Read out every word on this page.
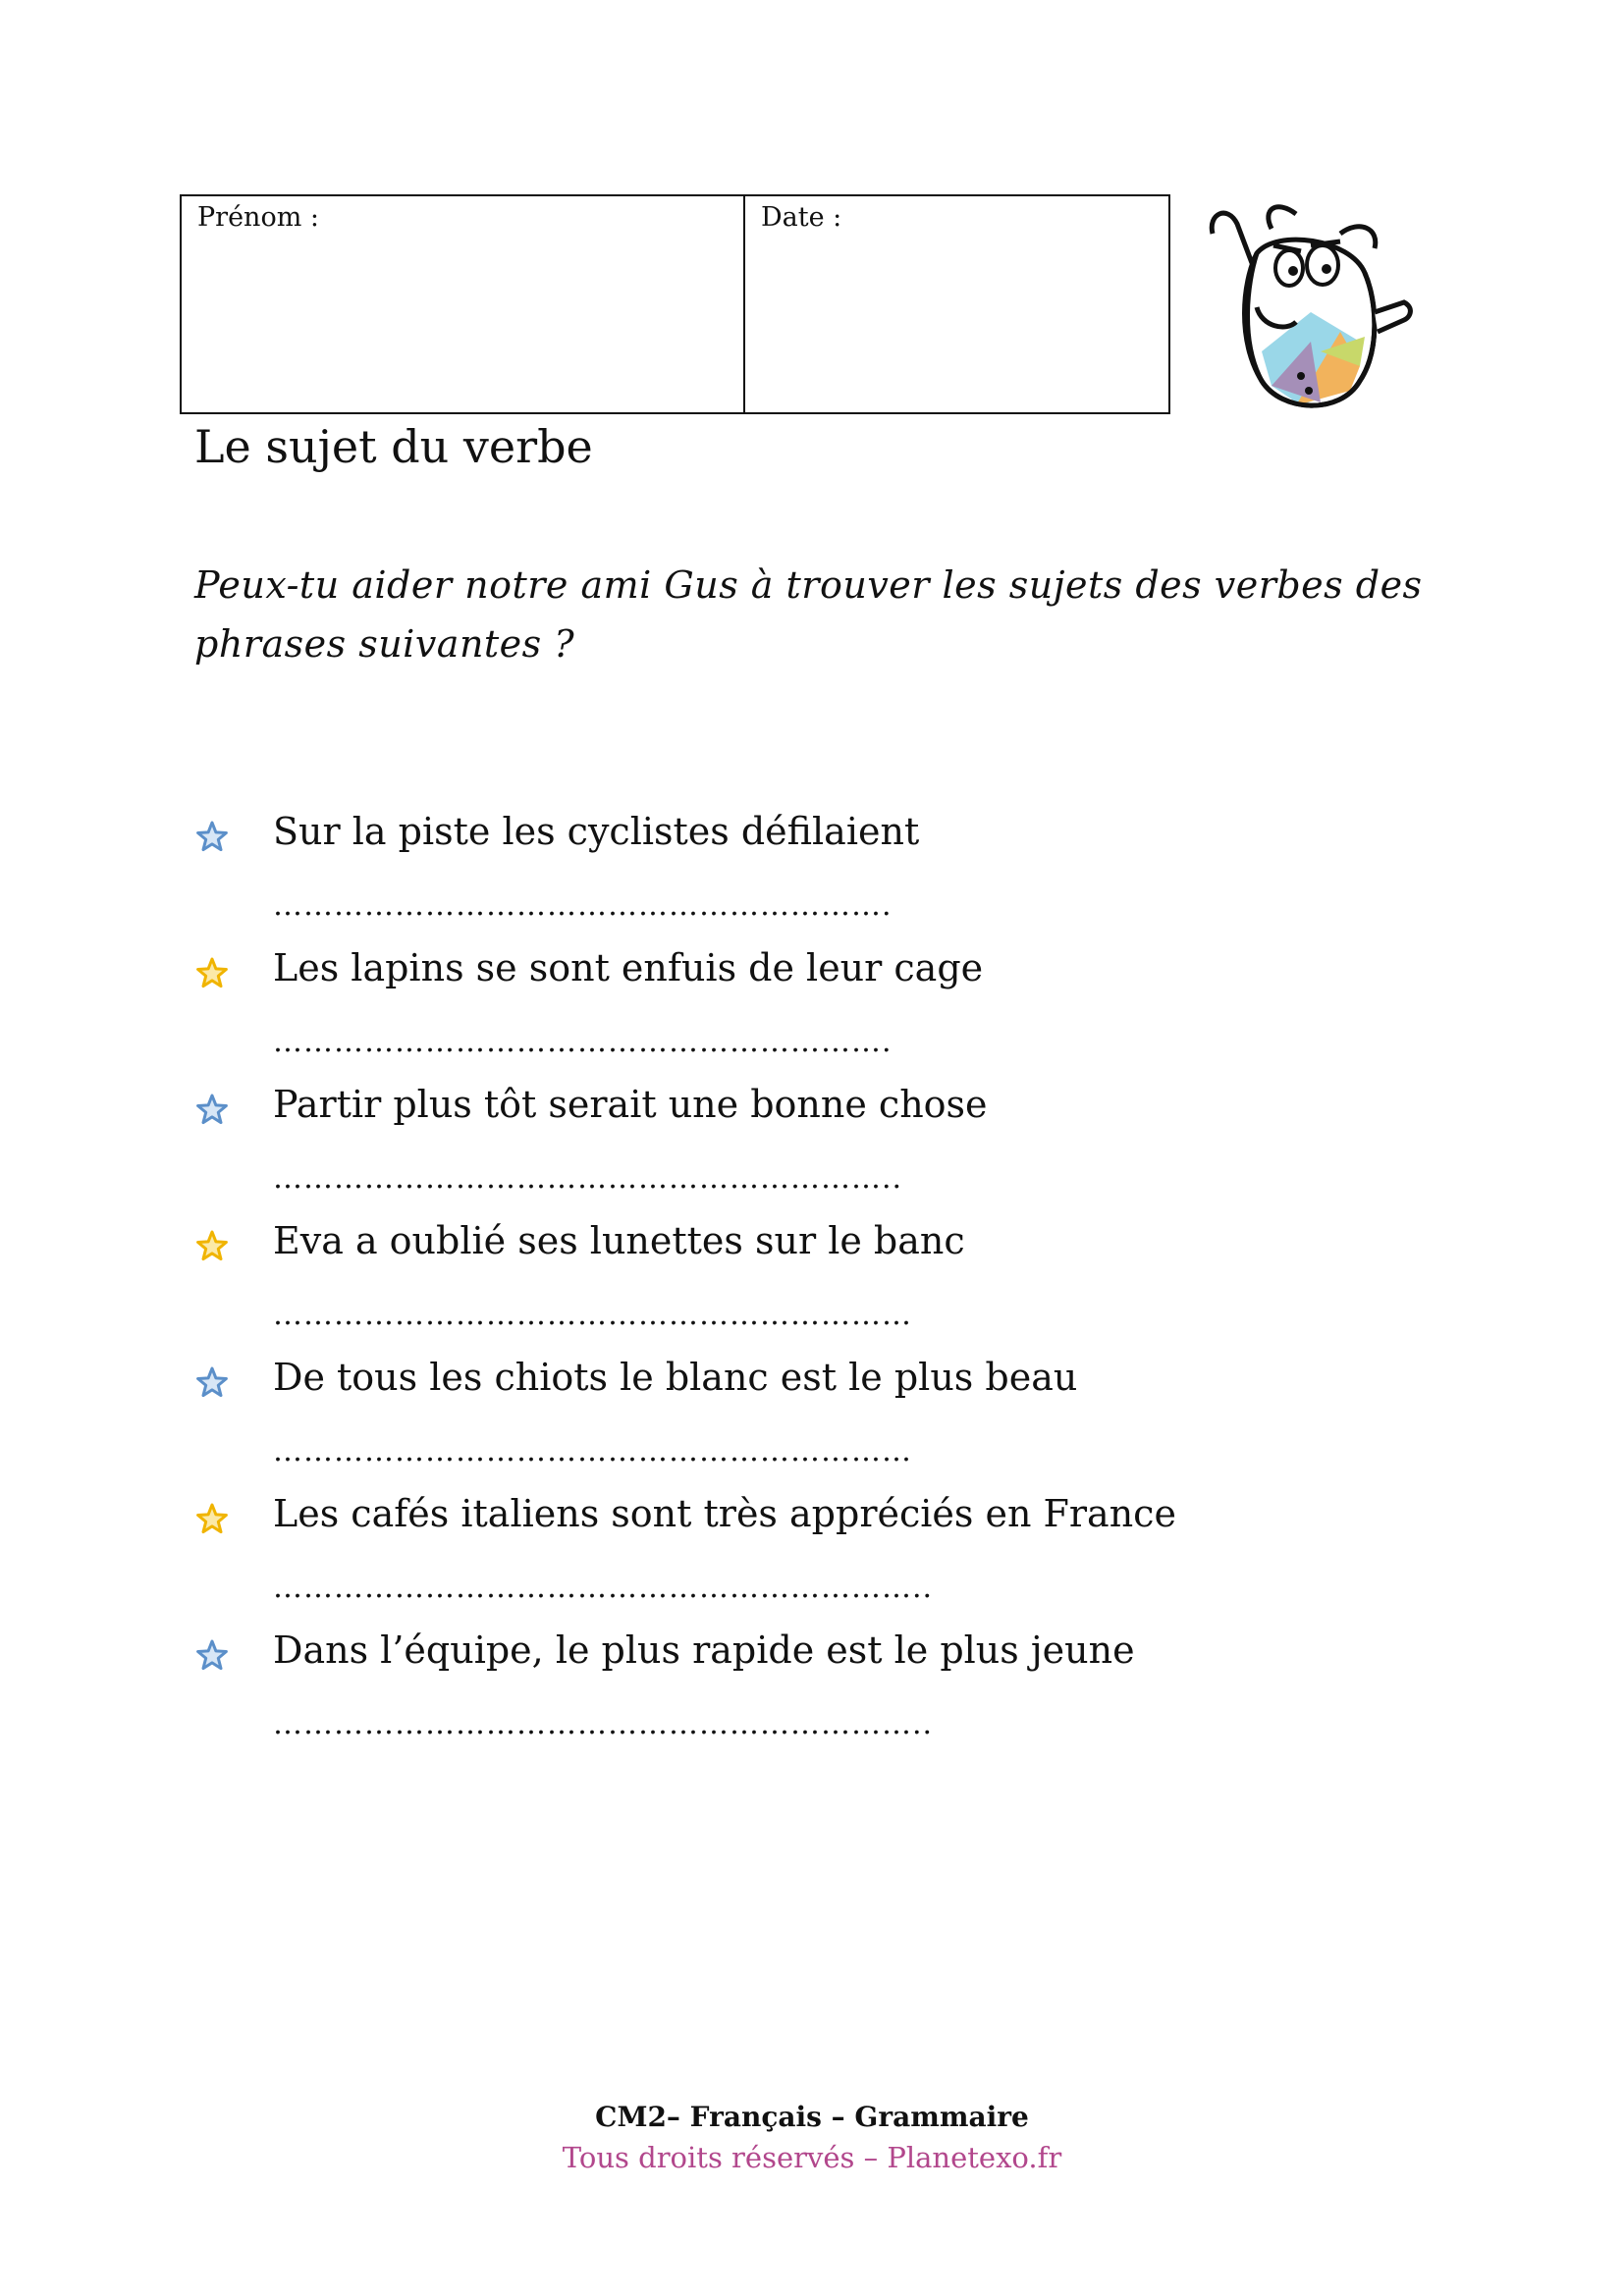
Prénom :	Date :
Le sujet du verbe
Peux-tu aider notre ami Gus à trouver les sujets des verbes des phrases suivantes ?
Sur la piste les cyclistes défilaient
…………………………………………………….
Les lapins se sont enfuis de leur cage
…………………………………………………….
Partir plus tôt serait une bonne chose
……………………………………………………..
Eva a oublié ses lunettes sur le banc
………………………………………………………
De tous les chiots le blanc est le plus beau
………………………………………………………
Les cafés italiens sont très appréciés en France
………………………………………………………..
Dans l’équipe, le plus rapide est le plus jeune
………………………………………………………..
CM2– Français – Grammaire
Tous droits réservés – Planetexo.fr
